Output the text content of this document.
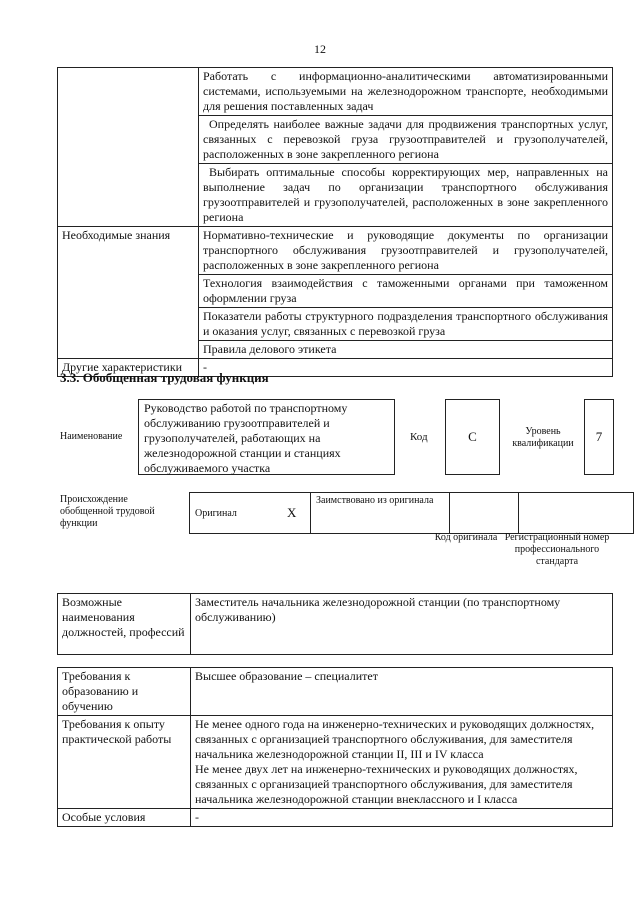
12
	Работать с информационно-аналитическими автоматизированными системами, используемыми на железнодорожном транспорте, необходимыми для решения поставленных задач
	Определять наиболее важные задачи для продвижения транспортных услуг, связанных с перевозкой груза грузоотправителей и грузополучателей, расположенных в зоне закрепленного региона
	Выбирать оптимальные способы корректирующих мер, направленных на выполнение задач по организации транспортного обслуживания грузоотправителей и грузополучателей, расположенных в зоне закрепленного региона
Необходимые знания	Нормативно-технические и руководящие документы по организации транспортного обслуживания грузоотправителей и грузополучателей, расположенных в зоне закрепленного региона
	Технология взаимодействия с таможенными органами при таможенном оформлении груза
	Показатели работы структурного подразделения транспортного обслуживания и оказания услуг, связанных с перевозкой груза
	Правила делового этикета
Другие характеристики	-
3.3. Обобщенная трудовая функция
Наименование
Руководство работой по транспортному обслуживанию грузоотправителей и грузополучателей, работающих на железнодорожной станции и станциях обслуживаемого участка
Код	C	Уровень квалификации	7
Происхождение обобщенной трудовой функции
Оригинал	X	Заимствовано из оригинала		
Код оригинала Регистрационный номер профессионального стандарта
Возможные наименования должностей, профессий	Заместитель начальника железнодорожной станции (по транспортному обслуживанию)
Требования к образованию и обучению	Высшее образование – специалитет
Требования к опыту практической работы	Не менее одного года на инженерно-технических и руководящих должностях, связанных с организацией транспортного обслуживания, для заместителя начальника железнодорожной станции II, III и IV класса
Не менее двух лет на инженерно-технических и руководящих должностях, связанных с организацией транспортного обслуживания, для заместителя начальника железнодорожной станции внеклассного и I класса

Особые условия	-
